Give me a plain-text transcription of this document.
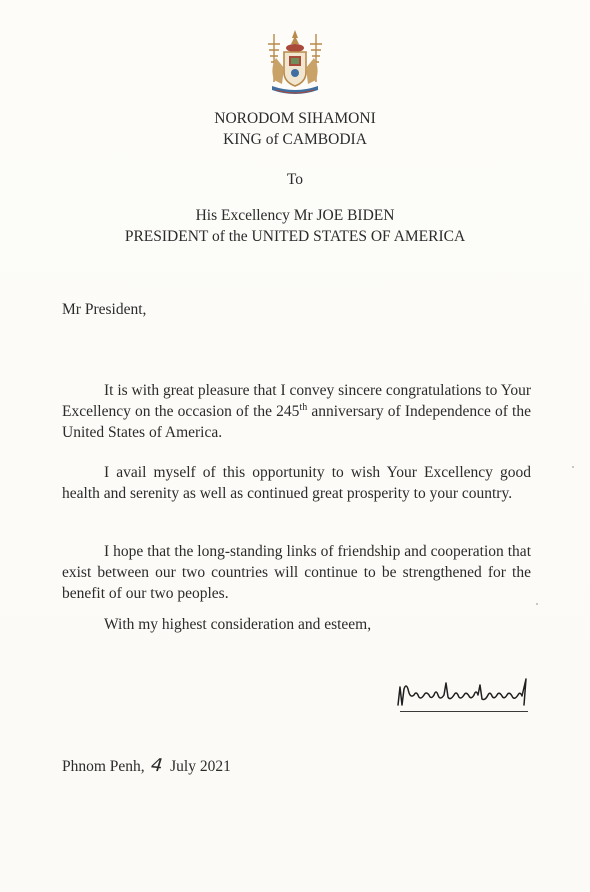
NORODOM SIHAMONI
KING of CAMBODIA
To
His Excellency Mr JOE BIDEN
PRESIDENT of the UNITED STATES OF AMERICA
Mr President,
It is with great pleasure that I convey sincere congratulations to Your Excellency on the occasion of the 245th anniversary of Independence of the United States of America.
I avail myself of this opportunity to wish Your Excellency good health and serenity as well as continued great prosperity to your country.
I hope that the long-standing links of friendship and cooperation that exist between our two countries will continue to be strengthened for the benefit of our two peoples.
With my highest consideration and esteem,
Phnom Penh, 4 July 2021
